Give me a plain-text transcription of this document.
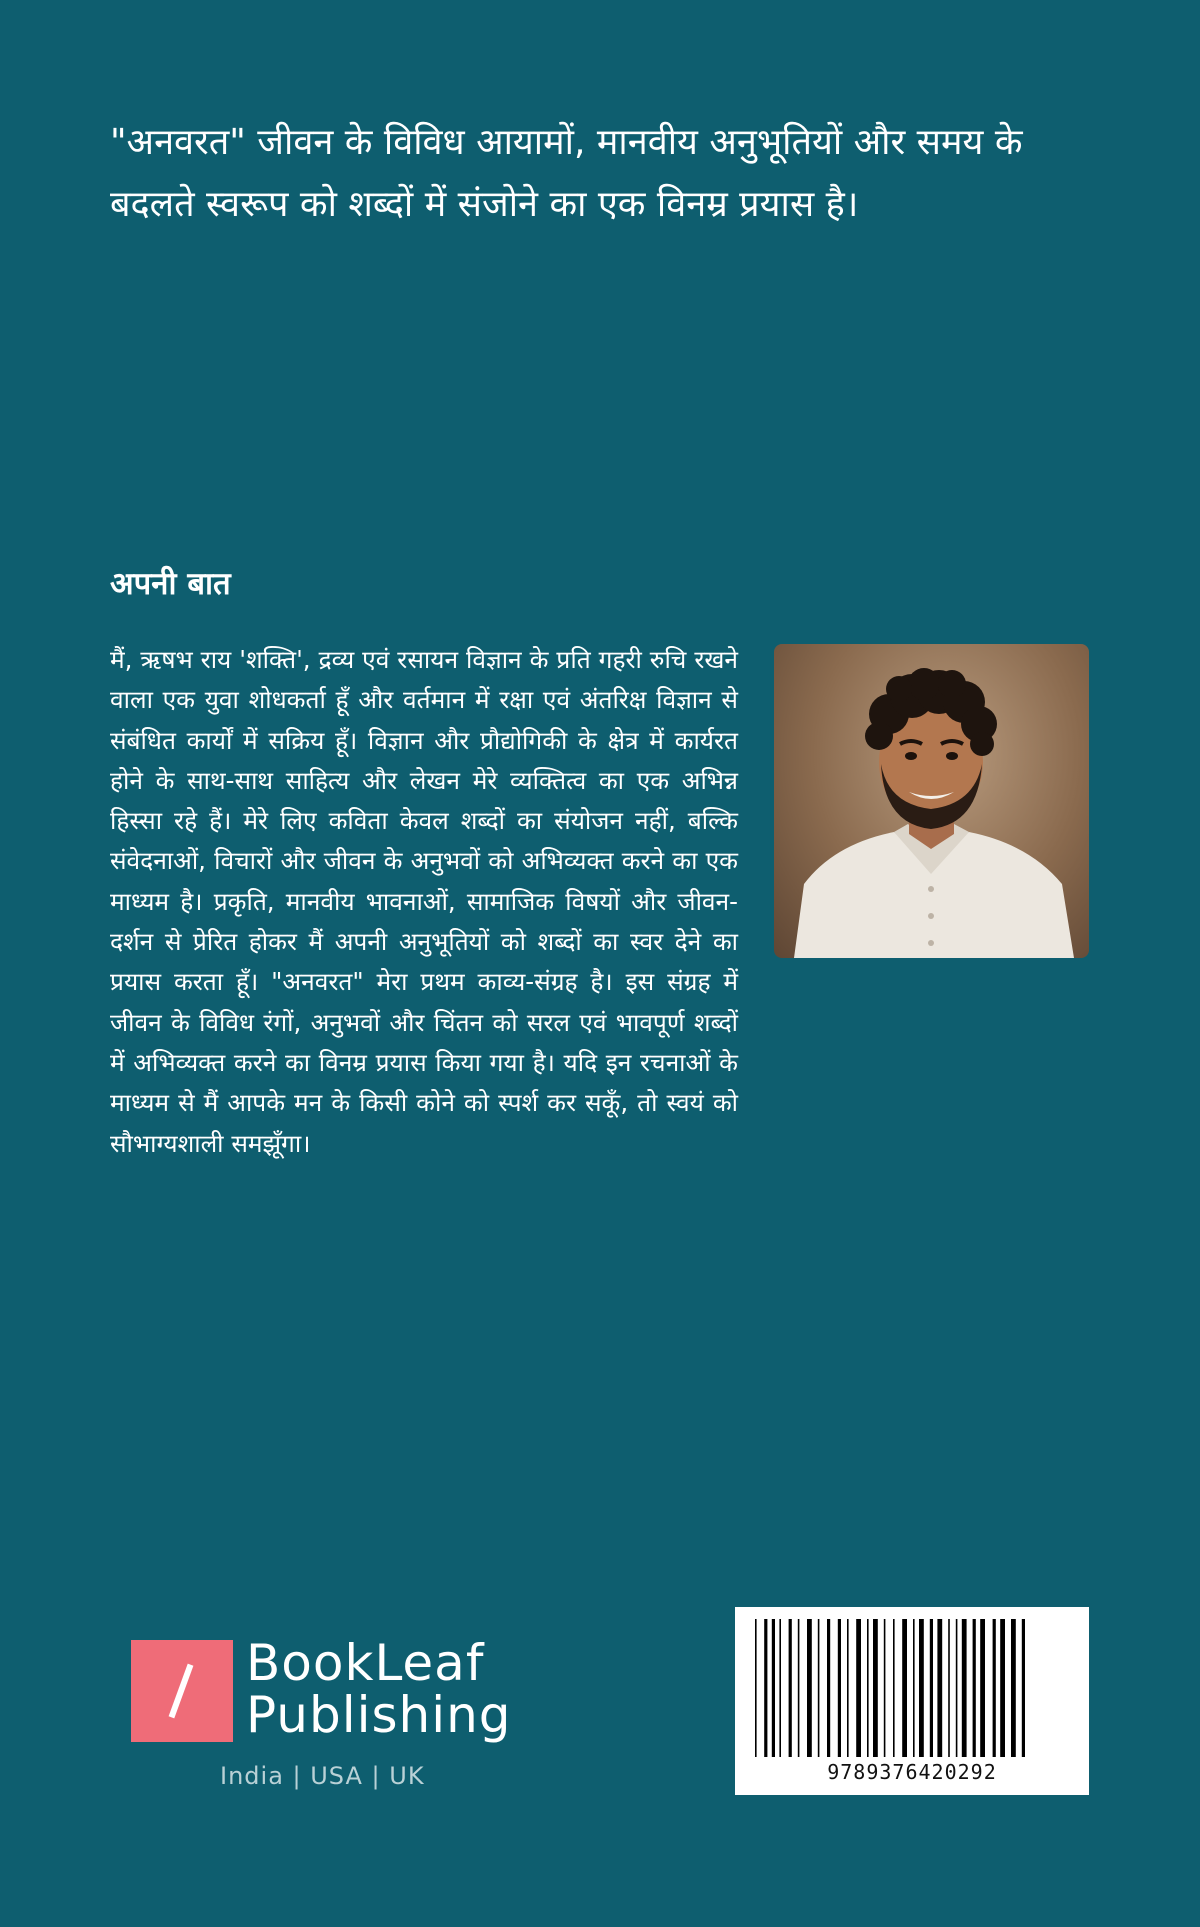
"अनवरत" जीवन के विविध आयामों, मानवीय अनुभूतियों और समय के बदलते स्वरूप को शब्दों में संजोने का एक विनम्र प्रयास है।

अपनी बात

मैं, ऋषभ राय 'शक्ति', द्रव्य एवं रसायन विज्ञान के प्रति गहरी रुचि रखने वाला एक युवा शोधकर्ता हूँ और वर्तमान में रक्षा एवं अंतरिक्ष विज्ञान से संबंधित कार्यों में सक्रिय हूँ। विज्ञान और प्रौद्योगिकी के क्षेत्र में कार्यरत होने के साथ-साथ साहित्य और लेखन मेरे व्यक्तित्व का एक अभिन्न हिस्सा रहे हैं। मेरे लिए कविता केवल शब्दों का संयोजन नहीं, बल्कि संवेदनाओं, विचारों और जीवन के अनुभवों को अभिव्यक्त करने का एक माध्यम है। प्रकृति, मानवीय भावनाओं, सामाजिक विषयों और जीवन-दर्शन से प्रेरित होकर मैं अपनी अनुभूतियों को शब्दों का स्वर देने का प्रयास करता हूँ। "अनवरत" मेरा प्रथम काव्य-संग्रह है। इस संग्रह में जीवन के विविध रंगों, अनुभवों और चिंतन को सरल एवं भावपूर्ण शब्दों में अभिव्यक्त करने का विनम्र प्रयास किया गया है। यदि इन रचनाओं के माध्यम से मैं आपके मन के किसी कोने को स्पर्श कर सकूँ, तो स्वयं को सौभाग्यशाली समझूँगा।

BookLeaf
Publishing
India | USA | UK	9789376420292
